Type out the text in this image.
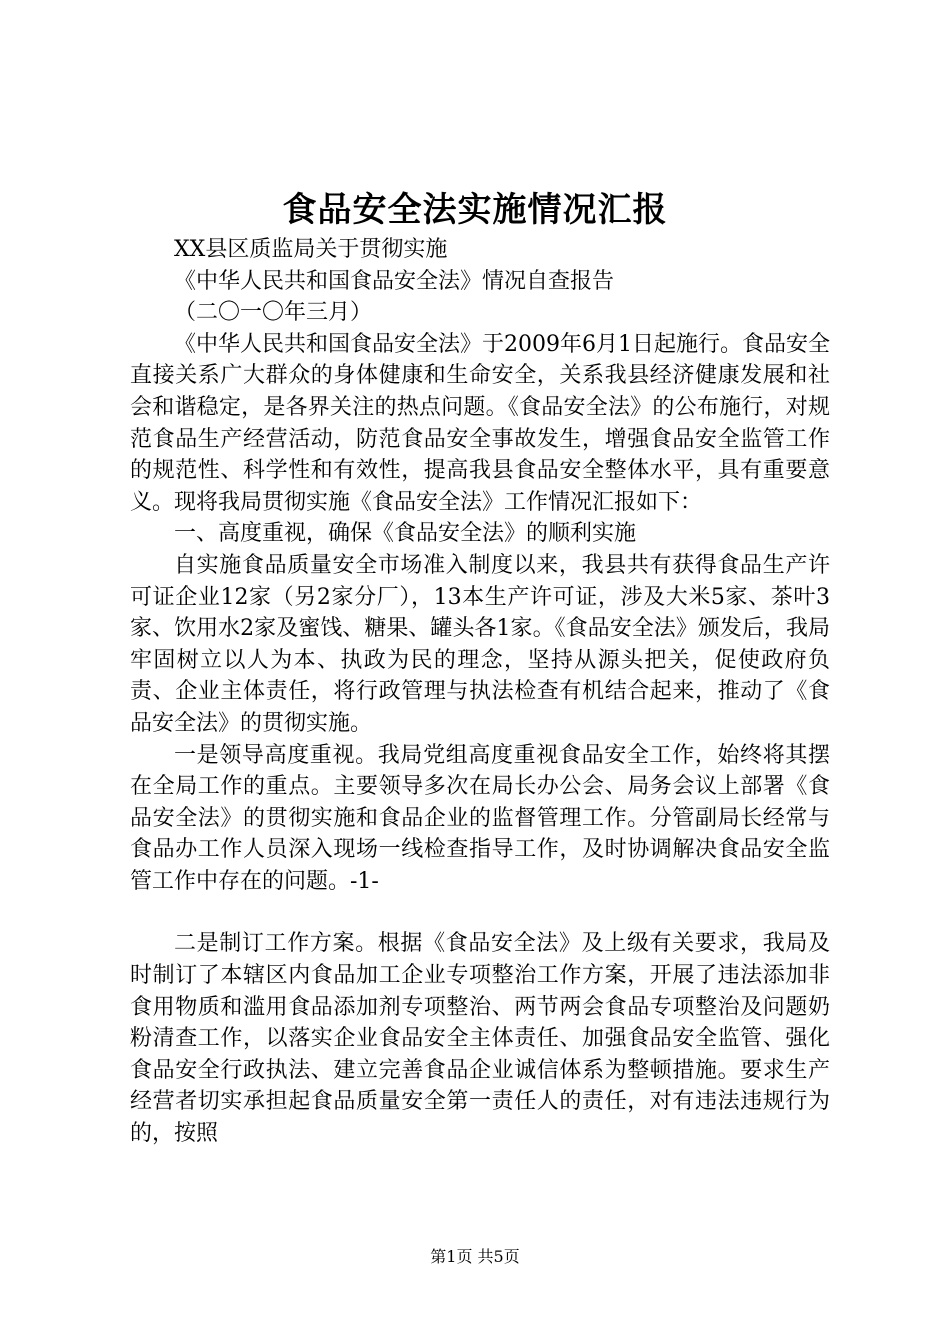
食品安全法实施情况汇报

XX县区质监局关于贯彻实施

《中华人民共和国食品安全法》情况自查报告

（二〇一〇年三月）

《中华人民共和国食品安全法》于2009年6月1日起施行。食品安全直接关系广大群众的身体健康和生命安全，关系我县经济健康发展和社会和谐稳定，是各界关注的热点问题。《食品安全法》的公布施行，对规范食品生产经营活动，防范食品安全事故发生，增强食品安全监管工作的规范性、科学性和有效性，提高我县食品安全整体水平，具有重要意义。现将我局贯彻实施《食品安全法》工作情况汇报如下：

一、高度重视，确保《食品安全法》的顺利实施

自实施食品质量安全市场准入制度以来，我县共有获得食品生产许可证企业12家（另2家分厂），13本生产许可证，涉及大米5家、茶叶3家、饮用水2家及蜜饯、糖果、罐头各1家。《食品安全法》颁发后，我局牢固树立以人为本、执政为民的理念，坚持从源头把关，促使政府负责、企业主体责任，将行政管理与执法检查有机结合起来，推动了《食品安全法》的贯彻实施。

一是领导高度重视。我局党组高度重视食品安全工作，始终将其摆在全局工作的重点。主要领导多次在局长办公会、局务会议上部署《食品安全法》的贯彻实施和食品企业的监督管理工作。分管副局长经常与食品办工作人员深入现场一线检查指导工作，及时协调解决食品安全监管工作中存在的问题。-1-

二是制订工作方案。根据《食品安全法》及上级有关要求，我局及时制订了本辖区内食品加工企业专项整治工作方案，开展了违法添加非食用物质和滥用食品添加剂专项整治、两节两会食品专项整治及问题奶粉清查工作，以落实企业食品安全主体责任、加强食品安全监管、强化食品安全行政执法、建立完善食品企业诚信体系为整顿措施。要求生产经营者切实承担起食品质量安全第一责任人的责任，对有违法违规行为的，按照

第1页 共5页
